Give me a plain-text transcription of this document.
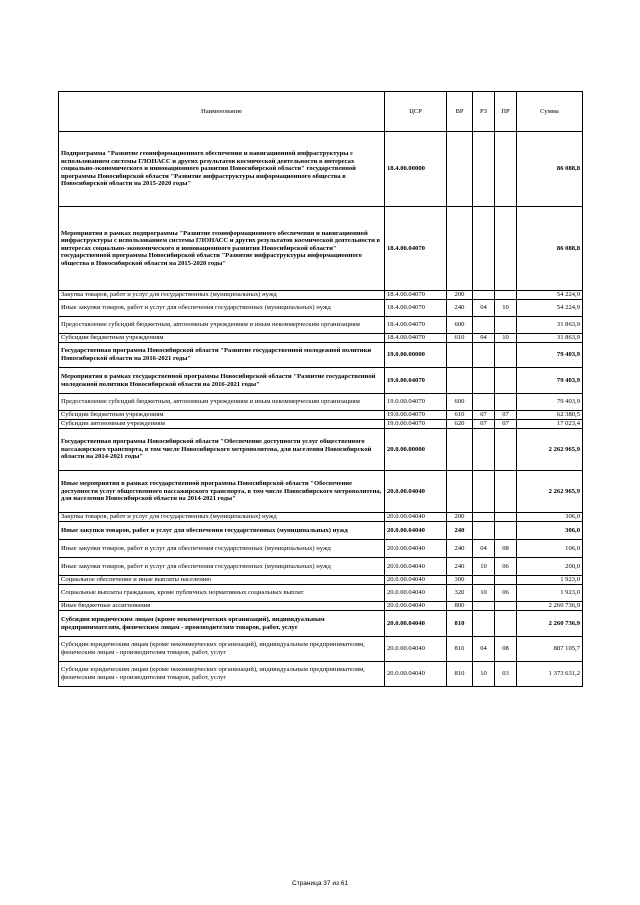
Наименование	ЦСР	ВР	РЗ	ПР	Сумма
Подпрограмма "Развитие геоинформационного обеспечения и навигационной инфраструктуры с использованием системы ГЛОНАСС и других результатов космической деятельности в интересах социально-экономического и инновационного развития Новосибирской области" государственной программы Новосибирской области "Развитие инфраструктуры информационного общества в Новосибирской области на 2015-2020 годы"	18.4.00.00000				86 088,8
Мероприятия в рамках подпрограммы "Развитие геоинформационного обеспечения и навигационной инфраструктуры с использованием системы ГЛОНАСС и других результатов космической деятельности в интересах социально-экономического и инновационного развития Новосибирской области" государственной программы Новосибирской области "Развитие инфраструктуры информационного общества в Новосибирской области на 2015-2020 годы"	18.4.00.04070				86 088,8
Закупка товаров, работ и услуг для государственных (муниципальных) нужд	18.4.00.04070	200			54 224,9
Иные закупки товаров, работ и услуг для обеспечения государственных (муниципальных) нужд	18.4.00.04070	240	04	10	54 224,9
Предоставление субсидий бюджетным, автономным учреждениям и иным некоммерческим организациям	18.4.00.04070	600			31 863,9
Субсидии бюджетным учреждениям	18.4.00.04070	610	04	10	31 863,9
Государственная программа Новосибирской области "Развитие государственной молодежной политики Новосибирской области на 2016-2021 годы"	19.0.00.00000				79 403,9
Мероприятия в рамках государственной программы Новосибирской области "Развитие государственной молодежной политики Новосибирской области на 2016-2021 годы"	19.0.00.04070				79 403,9
Предоставление субсидий бюджетным, автономным учреждениям и иным некоммерческим организациям	19.0.00.04070	600			79 403,9
Субсидии бюджетным учреждениям	19.0.00.04070	610	07	07	62 380,5
Субсидии автономным учреждениям	19.0.00.04070	620	07	07	17 023,4
Государственная программа Новосибирской области "Обеспечение доступности услуг общественного пассажирского транспорта, в том числе Новосибирского метрополитена, для населения Новосибирской области на 2014-2021 годы"	20.0.00.00000				2 262 965,9
Иные мероприятия в рамках государственной программы Новосибирской области "Обеспечение доступности услуг общественного пассажирского транспорта, в том числе Новосибирского метрополитена, для населения Новосибирской области на 2014-2021 годы"	20.0.00.04040				2 262 965,9
Закупка товаров, работ и услуг для государственных (муниципальных) нужд	20.0.00.04040	200			306,0
Иные закупки товаров, работ и услуг для обеспечения государственных (муниципальных) нужд	20.0.00.04040	240			306,0
Иные закупки товаров, работ и услуг для обеспечения государственных (муниципальных) нужд	20.0.00.04040	240	04	08	106,0
Иные закупки товаров, работ и услуг для обеспечения государственных (муниципальных) нужд	20.0.00.04040	240	10	06	200,0
Социальное обеспечение и иные выплаты населению	20.0.00.04040	300			1 923,0
Социальные выплаты гражданам, кроме публичных нормативных социальных выплат	20.0.00.04040	320	10	06	1 923,0
Иные бюджетные ассигнования	20.0.00.04040	800			2 260 736,9
Субсидии юридическим лицам (кроме некоммерческих организаций), индивидуальным предпринимателям, физическим лицам - производителям товаров, работ, услуг	20.0.00.04040	810			2 260 736,9
Субсидии юридическим лицам (кроме некоммерческих организаций), индивидуальным предпринимателям, физическим лицам - производителям товаров, работ, услуг	20.0.00.04040	810	04	08	887 105,7
Субсидии юридическим лицам (кроме некоммерческих организаций), индивидуальным предпринимателям, физическим лицам - производителям товаров, работ, услуг	20.0.00.04040	810	10	03	1 373 631,2
Страница 37 из 61
